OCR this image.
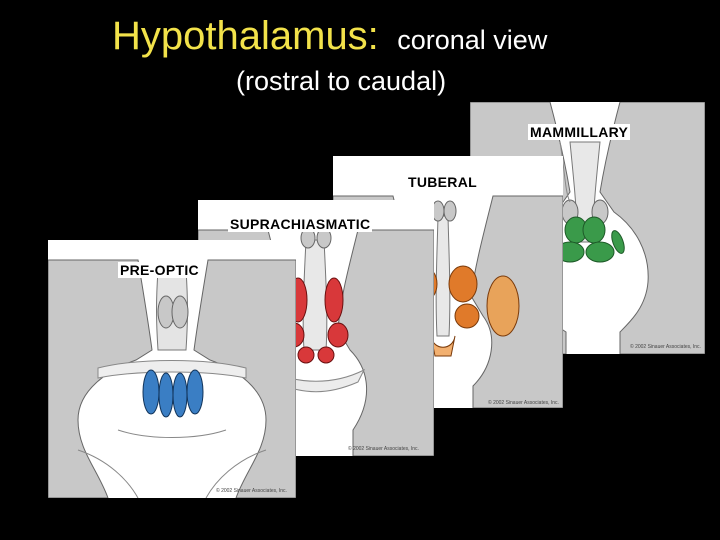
Hypothalamus: coronal view
(rostral to caudal)
MAMMILLARY
© 2002 Sinauer Associates, Inc.
TUBERAL
© 2002 Sinauer Associates, Inc.
SUPRACHIASMATIC
© 2002 Sinauer Associates, Inc.
PRE-OPTIC
© 2002 Sinauer Associates, Inc.
